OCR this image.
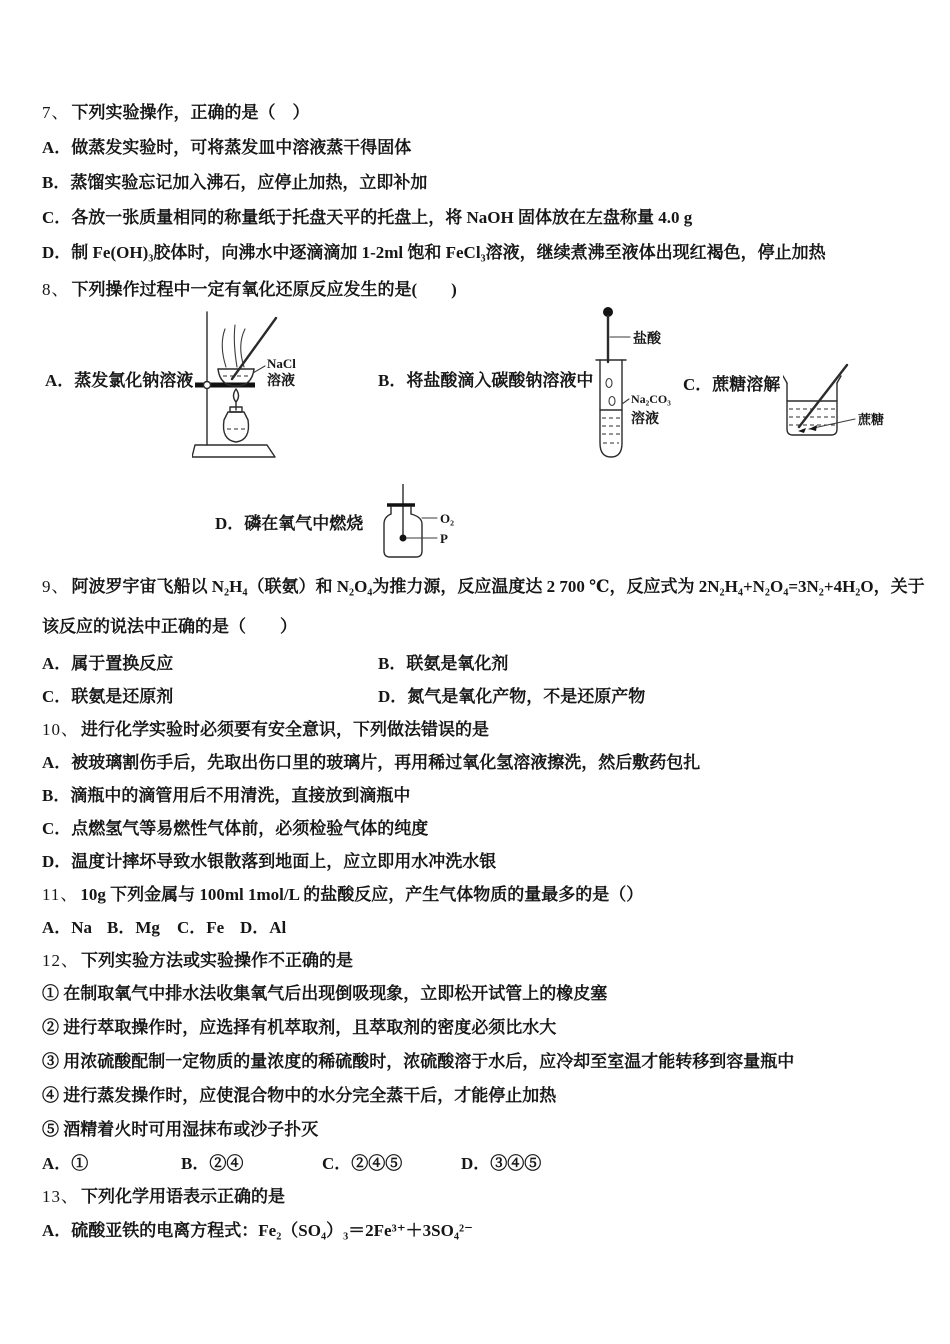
7、 下列实验操作，正确的是（　）

A．做蒸发实验时，可将蒸发皿中溶液蒸干得固体

B．蒸馏实验忘记加入沸石，应停止加热，立即补加

C．各放一张质量相同的称量纸于托盘天平的托盘上，将 NaOH 固体放在左盘称量 4.0 g

D．制 Fe(OH)₃胶体时，向沸水中逐滴滴加 1-2ml 饱和 FeCl₃溶液，继续煮沸至液体出现红褐色，停止加热

8、 下列操作过程中一定有氧化还原反应发生的是(　　)

A．蒸发氯化钠溶液

NaCl
溶液	B．将盐酸滴入碳酸钠溶液中

盐酸
Na₂CO₃
溶液

C．蔗糖溶解

蔗糖

D．磷在氧气中燃烧	O₂
P

9、 阿波罗宇宙飞船以 N₂H₄（联氨）和 N₂O₄为推力源，反应温度达 2 700 ℃，反应式为 2N₂H₄+N₂O₄=3N₂+4H₂O，关于

该反应的说法中正确的是（　　）

A．属于置换反应	B．联氨是氧化剂

C．联氨是还原剂	D．氮气是氧化产物，不是还原产物

10、 进行化学实验时必须要有安全意识，下列做法错误的是

A．被玻璃割伤手后，先取出伤口里的玻璃片，再用稀过氧化氢溶液擦洗，然后敷药包扎

B．滴瓶中的滴管用后不用清洗，直接放到滴瓶中

C．点燃氢气等易燃性气体前，必须检验气体的纯度

D．温度计摔坏导致水银散落到地面上，应立即用水冲洗水银

11、 10g 下列金属与 100ml 1mol/L 的盐酸反应，产生气体物质的量最多的是（）

A．Na B．Mg C．Fe D．Al

12、 下列实验方法或实验操作不正确的是

① 在制取氧气中排水法收集氧气后出现倒吸现象，立即松开试管上的橡皮塞

② 进行萃取操作时，应选择有机萃取剂，且萃取剂的密度必须比水大

③ 用浓硫酸配制一定物质的量浓度的稀硫酸时，浓硫酸溶于水后，应冷却至室温才能转移到容量瓶中

④ 进行蒸发操作时，应使混合物中的水分完全蒸干后，才能停止加热

⑤ 酒精着火时可用湿抹布或沙子扑灭

A．①	B．②④	C．②④⑤	D．③④⑤

13、 下列化学用语表示正确的是

A．硫酸亚铁的电离方程式：Fe₂（SO₄）₃＝2Fe³⁺＋3SO₄²⁻
